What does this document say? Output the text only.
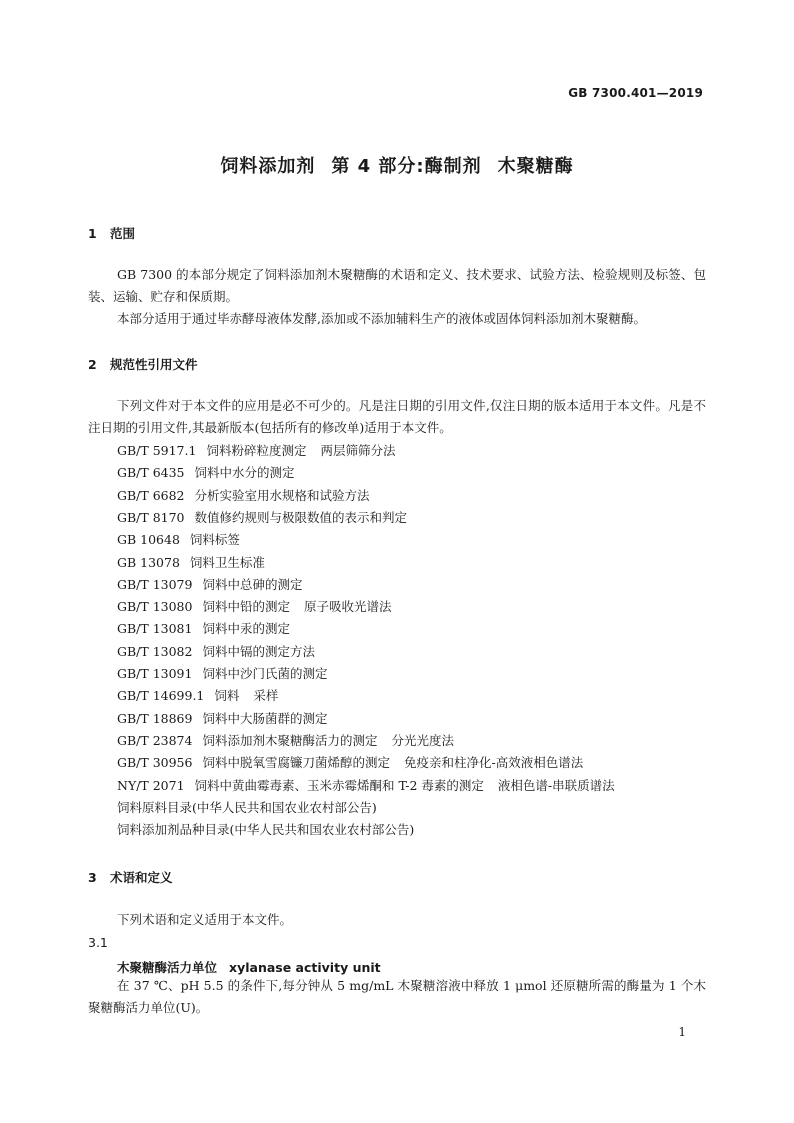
GB 7300.401—2019
饲料添加剂 第 4 部分:酶制剂 木聚糖酶
1 范围
GB 7300 的本部分规定了饲料添加剂木聚糖酶的术语和定义、技术要求、试验方法、检验规则及标签、包装、运输、贮存和保质期。
本部分适用于通过毕赤酵母液体发酵,添加或不添加辅料生产的液体或固体饲料添加剂木聚糖酶。
2 规范性引用文件
下列文件对于本文件的应用是必不可少的。凡是注日期的引用文件,仅注日期的版本适用于本文件。凡是不注日期的引用文件,其最新版本(包括所有的修改单)适用于本文件。
GB/T 5917.1 饲料粉碎粒度测定 两层筛筛分法
GB/T 6435 饲料中水分的测定
GB/T 6682 分析实验室用水规格和试验方法
GB/T 8170 数值修约规则与极限数值的表示和判定
GB 10648 饲料标签
GB 13078 饲料卫生标准
GB/T 13079 饲料中总砷的测定
GB/T 13080 饲料中铅的测定 原子吸收光谱法
GB/T 13081 饲料中汞的测定
GB/T 13082 饲料中镉的测定方法
GB/T 13091 饲料中沙门氏菌的测定
GB/T 14699.1 饲料 采样
GB/T 18869 饲料中大肠菌群的测定
GB/T 23874 饲料添加剂木聚糖酶活力的测定 分光光度法
GB/T 30956 饲料中脱氧雪腐镰刀菌烯醇的测定 免疫亲和柱净化-高效液相色谱法
NY/T 2071 饲料中黄曲霉毒素、玉米赤霉烯酮和 T-2 毒素的测定 液相色谱-串联质谱法
饲料原料目录(中华人民共和国农业农村部公告)
饲料添加剂品种目录(中华人民共和国农业农村部公告)
3 术语和定义
下列术语和定义适用于本文件。
3.1
木聚糖酶活力单位 xylanase activity unit
在 37 ℃、pH 5.5 的条件下,每分钟从 5 mg/mL 木聚糖溶液中释放 1 μmol 还原糖所需的酶量为 1 个木聚糖酶活力单位(U)。
1
